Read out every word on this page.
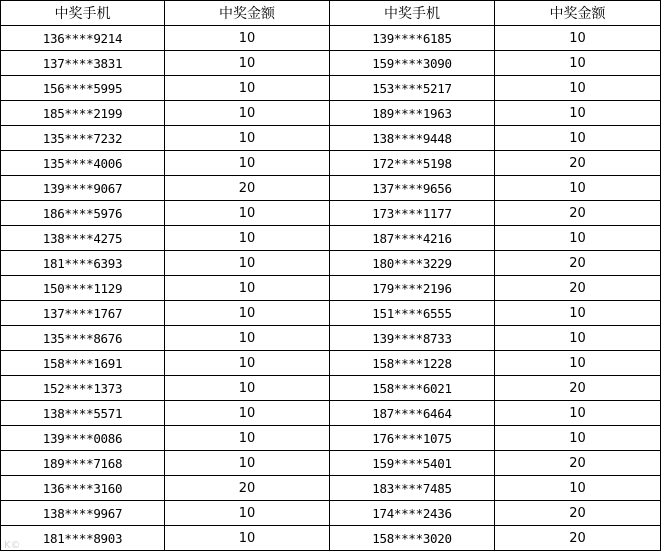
中奖手机	中奖金额	中奖手机	中奖金额
136****9214	10	139****6185	10
137****3831	10	159****3090	10
156****5995	10	153****5217	10
185****2199	10	189****1963	10
135****7232	10	138****9448	10
135****4006	10	172****5198	20
139****9067	20	137****9656	10
186****5976	10	173****1177	20
138****4275	10	187****4216	10
181****6393	10	180****3229	20
150****1129	10	179****2196	20
137****1767	10	151****6555	10
135****8676	10	139****8733	10
158****1691	10	158****1228	10
152****1373	10	158****6021	20
138****5571	10	187****6464	10
139****0086	10	176****1075	10
189****7168	10	159****5401	20
136****3160	20	183****7485	10
138****9967	10	174****2436	20
181****8903	10	158****3020	20
K©
